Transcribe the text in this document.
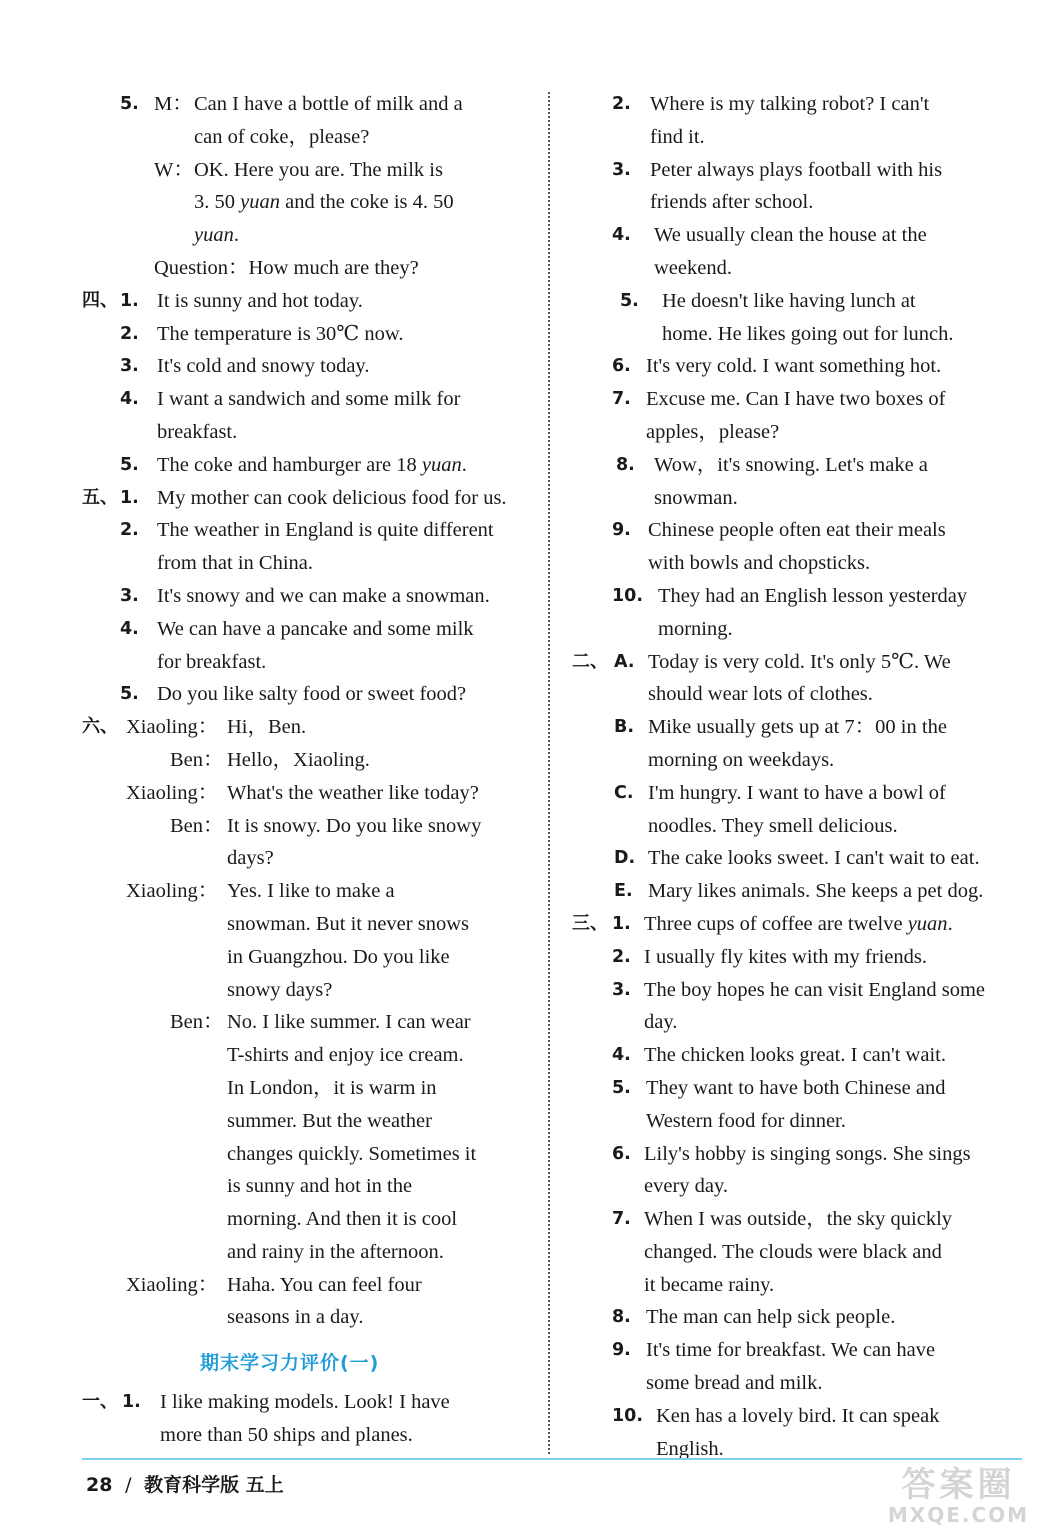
5. M： Can I have a bottle of milk and a
can of coke，please?
W： OK. Here you are. The milk is
3. 50 yuan and the coke is 4. 50
yuan.
Question：How much are they?
四、 1. It is sunny and hot today.
2. The temperature is 30℃ now.
3. It's cold and snowy today.
4. I want a sandwich and some milk for
breakfast.
5. The coke and hamburger are 18 yuan.
五、 1. My mother can cook delicious food for us.
2. The weather in England is quite different
from that in China.
3. It's snowy and we can make a snowman.
4. We can have a pancake and some milk
for breakfast.
5. Do you like salty food or sweet food?
六、 Xiaoling： Hi，Ben.
Ben： Hello，Xiaoling.
Xiaoling： What's the weather like today?
Ben： It is snowy. Do you like snowy
days?
Xiaoling： Yes. I like to make a
snowman. But it never snows
in Guangzhou. Do you like
snowy days?
Ben： No. I like summer. I can wear
T-shirts and enjoy ice cream.
In London，it is warm in
summer. But the weather
changes quickly. Sometimes it
is sunny and hot in the
morning. And then it is cool
and rainy in the afternoon.
Xiaoling： Haha. You can feel four
seasons in a day.
期末学习力评价(一)
一、 1. I like making models. Look! I have
more than 50 ships and planes.
2. Where is my talking robot? I can't
find it.
3. Peter always plays football with his
friends after school.
4. We usually clean the house at the
weekend.
5. He doesn't like having lunch at
home. He likes going out for lunch.
6. It's very cold. I want something hot.
7. Excuse me. Can I have two boxes of
apples，please?
8. Wow，it's snowing. Let's make a
snowman.
9. Chinese people often eat their meals
with bowls and chopsticks.
10. They had an English lesson yesterday
morning.
二、 A. Today is very cold. It's only 5℃. We
should wear lots of clothes.
B. Mike usually gets up at 7：00 in the
morning on weekdays.
C. I'm hungry. I want to have a bowl of
noodles. They smell delicious.
D. The cake looks sweet. I can't wait to eat.
E. Mary likes animals. She keeps a pet dog.
三、 1. Three cups of coffee are twelve yuan.
2. I usually fly kites with my friends.
3. The boy hopes he can visit England some
day.
4. The chicken looks great. I can't wait.
5. They want to have both Chinese and
Western food for dinner.
6. Lily's hobby is singing songs. She sings
every day.
7. When I was outside，the sky quickly
changed. The clouds were black and
it became rainy.
8. The man can help sick people.
9. It's time for breakfast. We can have
some bread and milk.
10. Ken has a lovely bird. It can speak
English.
28 / 教育科学版 五上	答案圈
MXQE.COM
